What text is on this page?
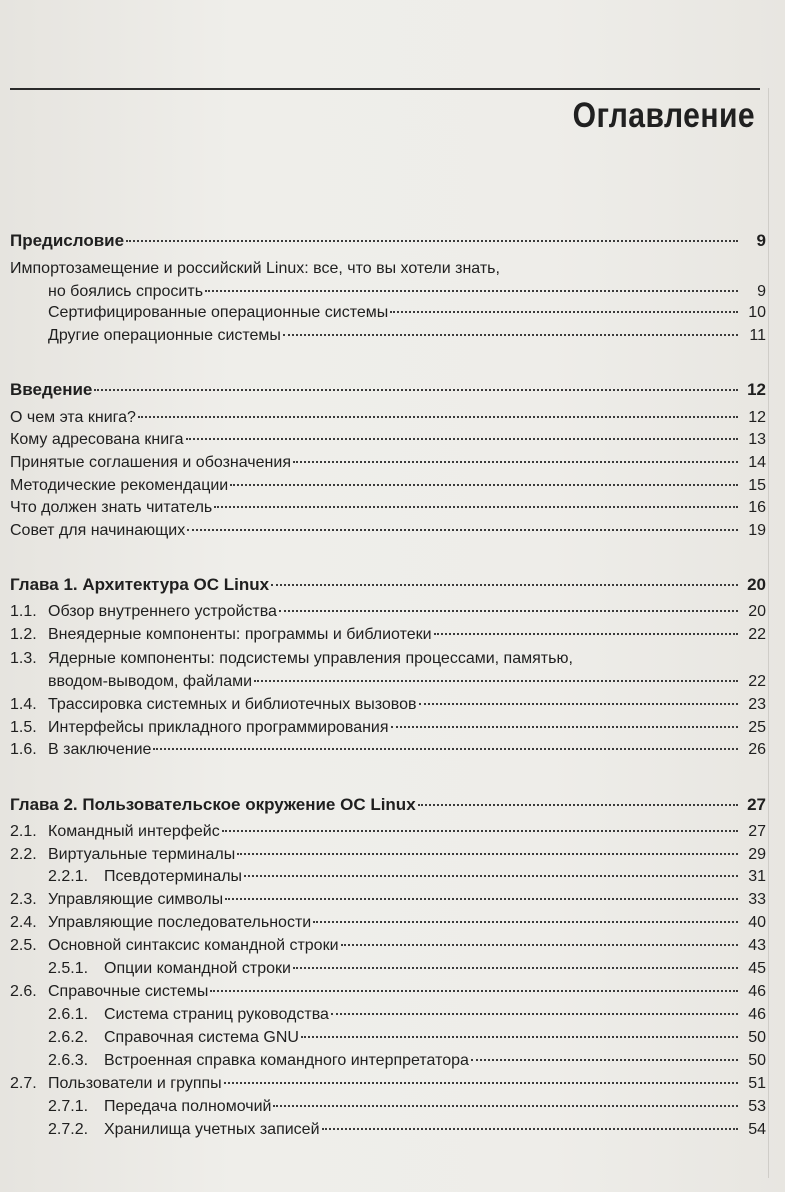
Оглавление
Предисловие	9
Импортозамещение и российский Linux: все, что вы хотели знать,
но боялись спросить	9
Сертифицированные операционные системы	10
Другие операционные системы	11
Введение	12
О чем эта книга?	12
Кому адресована книга	13
Принятые соглашения и обозначения	14
Методические рекомендации	15
Что должен знать читатель	16
Совет для начинающих	19
Глава 1. Архитектура ОС Linux	20
1.1. Обзор внутреннего устройства	20
1.2. Внеядерные компоненты: программы и библиотеки	22
1.3. Ядерные компоненты: подсистемы управления процессами, памятью,
вводом-выводом, файлами	22
1.4. Трассировка системных и библиотечных вызовов	23
1.5. Интерфейсы прикладного программирования	25
1.6. В заключение	26
Глава 2. Пользовательское окружение ОС Linux	27
2.1. Командный интерфейс	27
2.2. Виртуальные терминалы	29
2.2.1. Псевдотерминалы	31
2.3. Управляющие символы	33
2.4. Управляющие последовательности	40
2.5. Основной синтаксис командной строки	43
2.5.1. Опции командной строки	45
2.6. Справочные системы	46
2.6.1. Система страниц руководства	46
2.6.2. Справочная система GNU	50
2.6.3. Встроенная справка командного интерпретатора	50
2.7. Пользователи и группы	51
2.7.1. Передача полномочий	53
2.7.2. Хранилища учетных записей	54
